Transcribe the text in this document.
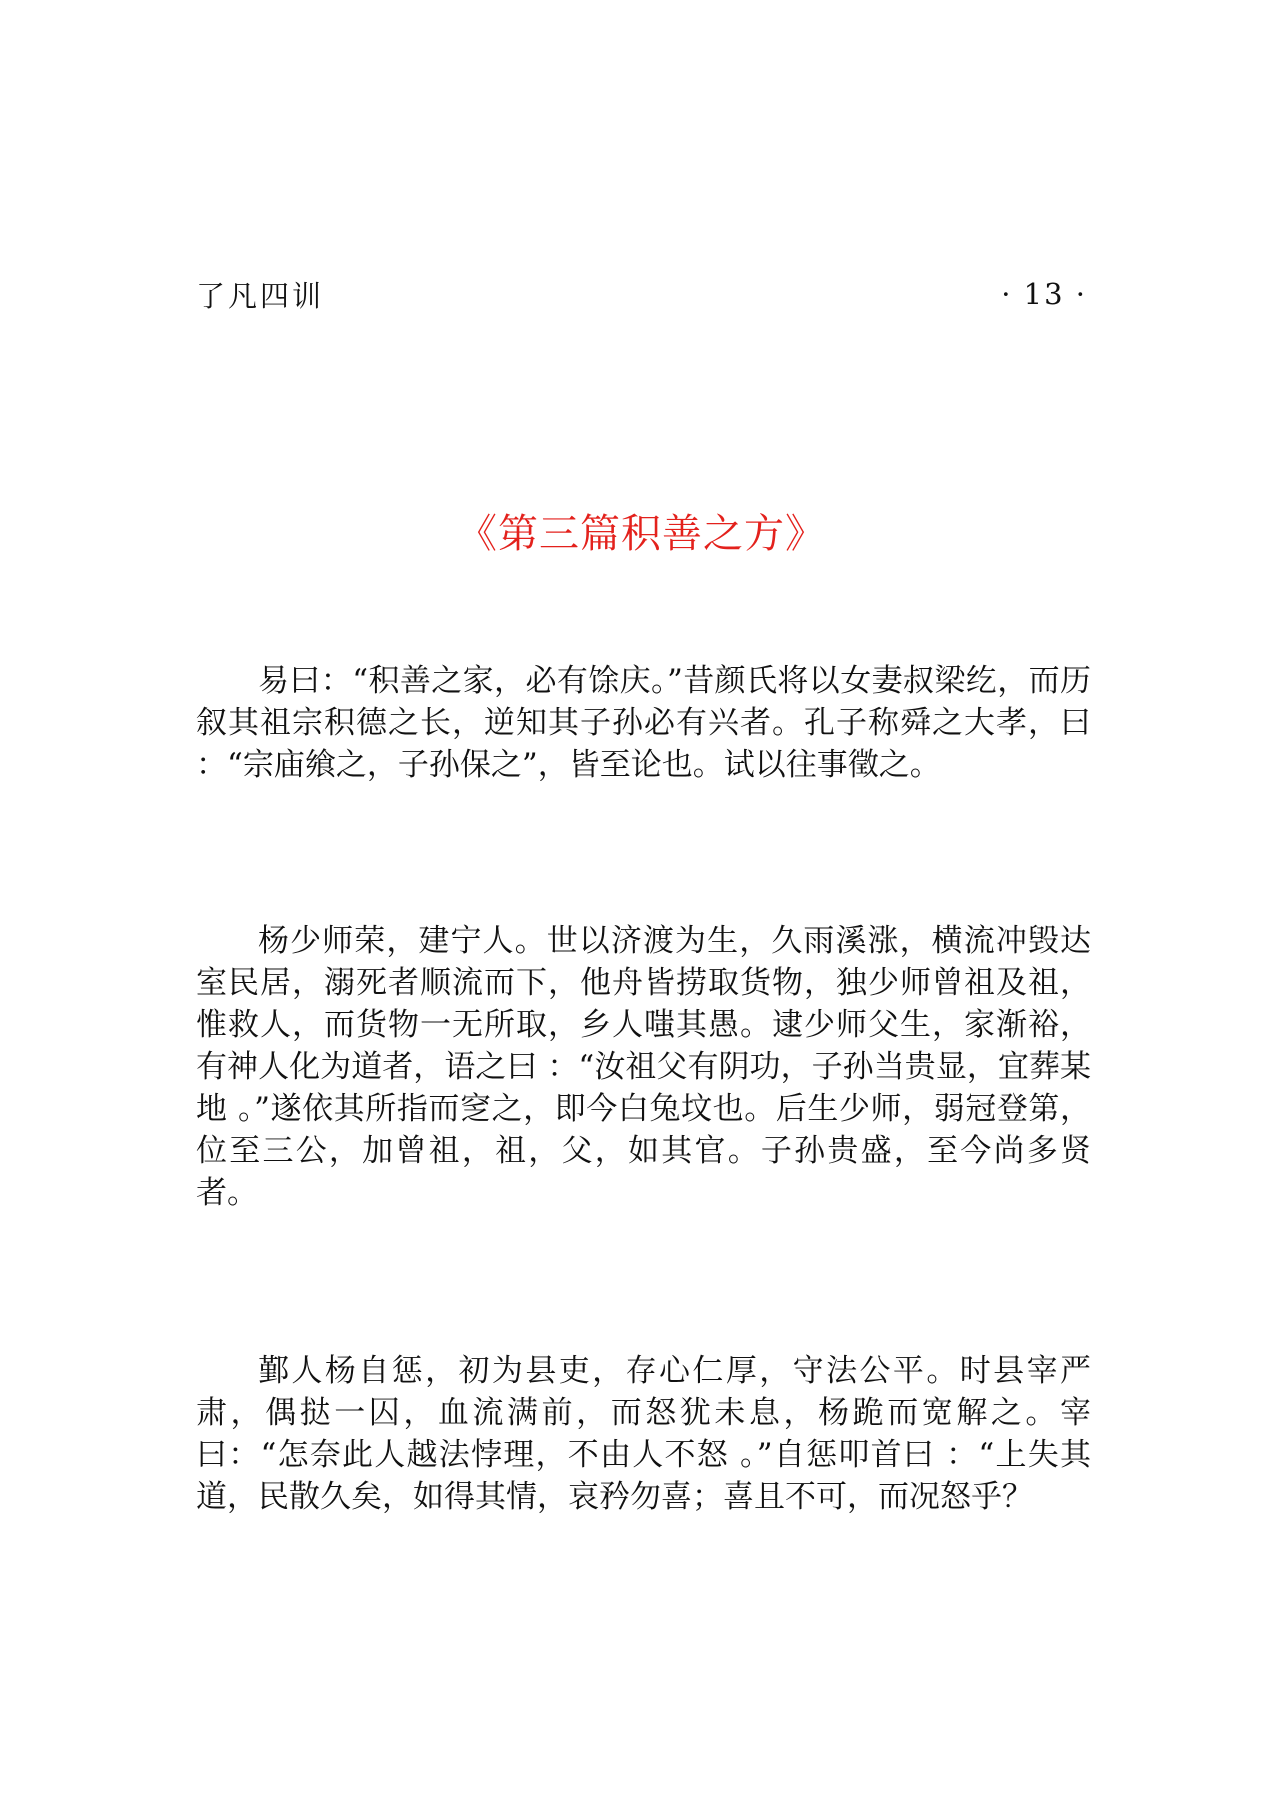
了凡四训	· 13 ·
《第三篇积善之方》

易曰：“积善之家，必有馀庆。”昔颜氏将以女妻叔梁纥，而历叙其祖宗积德之长，逆知其子孙必有兴者。孔子称舜之大孝，曰 ：“宗庙飨之，子孙保之”，皆至论也。试以往事徵之。

杨少师荣，建宁人。世以济渡为生，久雨溪涨，横流冲毁达室民居，溺死者顺流而下，他舟皆捞取货物，独少师曾祖及祖，惟救人，而货物一无所取，乡人嗤其愚。逮少师父生，家渐裕，有神人化为道者，语之曰 ：“汝祖父有阴功，子孙当贵显，宜葬某地 。”遂依其所指而窆之，即今白兔坟也。后生少师，弱冠登第，位至三公，加曾祖，祖，父，如其官。子孙贵盛，至今尚多贤者。

鄞人杨自惩，初为县吏，存心仁厚，守法公平。时县宰严肃，偶挞一囚，血流满前，而怒犹未息，杨跪而宽解之。宰曰：“怎奈此人越法悖理，不由人不怒 。”自惩叩首曰 ：“上失其道，民散久矣，如得其情，哀矜勿喜；喜且不可，而况怒乎？
